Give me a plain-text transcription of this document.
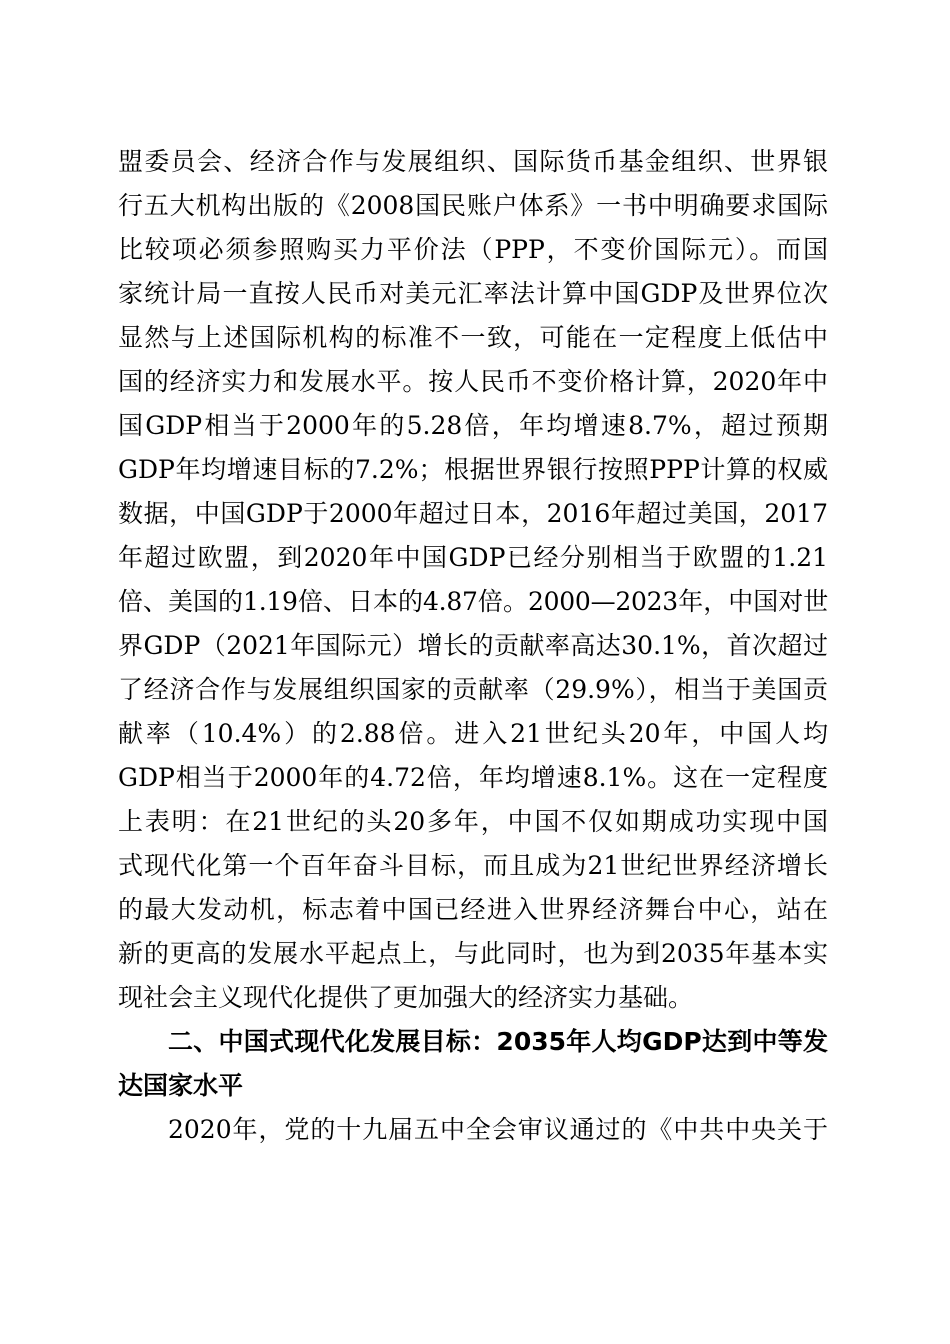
盟委员会、经济合作与发展组织、国际货币基金组织、世界银
行五大机构出版的《2008国民账户体系》一书中明确要求国际
比较项必须参照购买力平价法（PPP，不变价国际元）。而国
家统计局一直按人民币对美元汇率法计算中国GDP及世界位次
显然与上述国际机构的标准不一致，可能在一定程度上低估中
国的经济实力和发展水平。按人民币不变价格计算，2020年中
国GDP相当于2000年的5.28倍，年均增速8.7%，超过预期
GDP年均增速目标的7.2%；根据世界银行按照PPP计算的权威
数据，中国GDP于2000年超过日本，2016年超过美国，2017
年超过欧盟，到2020年中国GDP已经分别相当于欧盟的1.21
倍、美国的1.19倍、日本的4.87倍。2000—2023年，中国对世
界GDP（2021年国际元）增长的贡献率高达30.1%，首次超过
了经济合作与发展组织国家的贡献率（29.9%），相当于美国贡
献率（10.4%）的2.88倍。进入21世纪头20年，中国人均
GDP相当于2000年的4.72倍，年均增速8.1%。这在一定程度
上表明：在21世纪的头20多年，中国不仅如期成功实现中国
式现代化第一个百年奋斗目标，而且成为21世纪世界经济增长
的最大发动机，标志着中国已经进入世界经济舞台中心，站在
新的更高的发展水平起点上，与此同时，也为到2035年基本实
现社会主义现代化提供了更加强大的经济实力基础。
二、中国式现代化发展目标：2035年人均GDP达到中等发
达国家水平
2020年，党的十九届五中全会审议通过的《中共中央关于
